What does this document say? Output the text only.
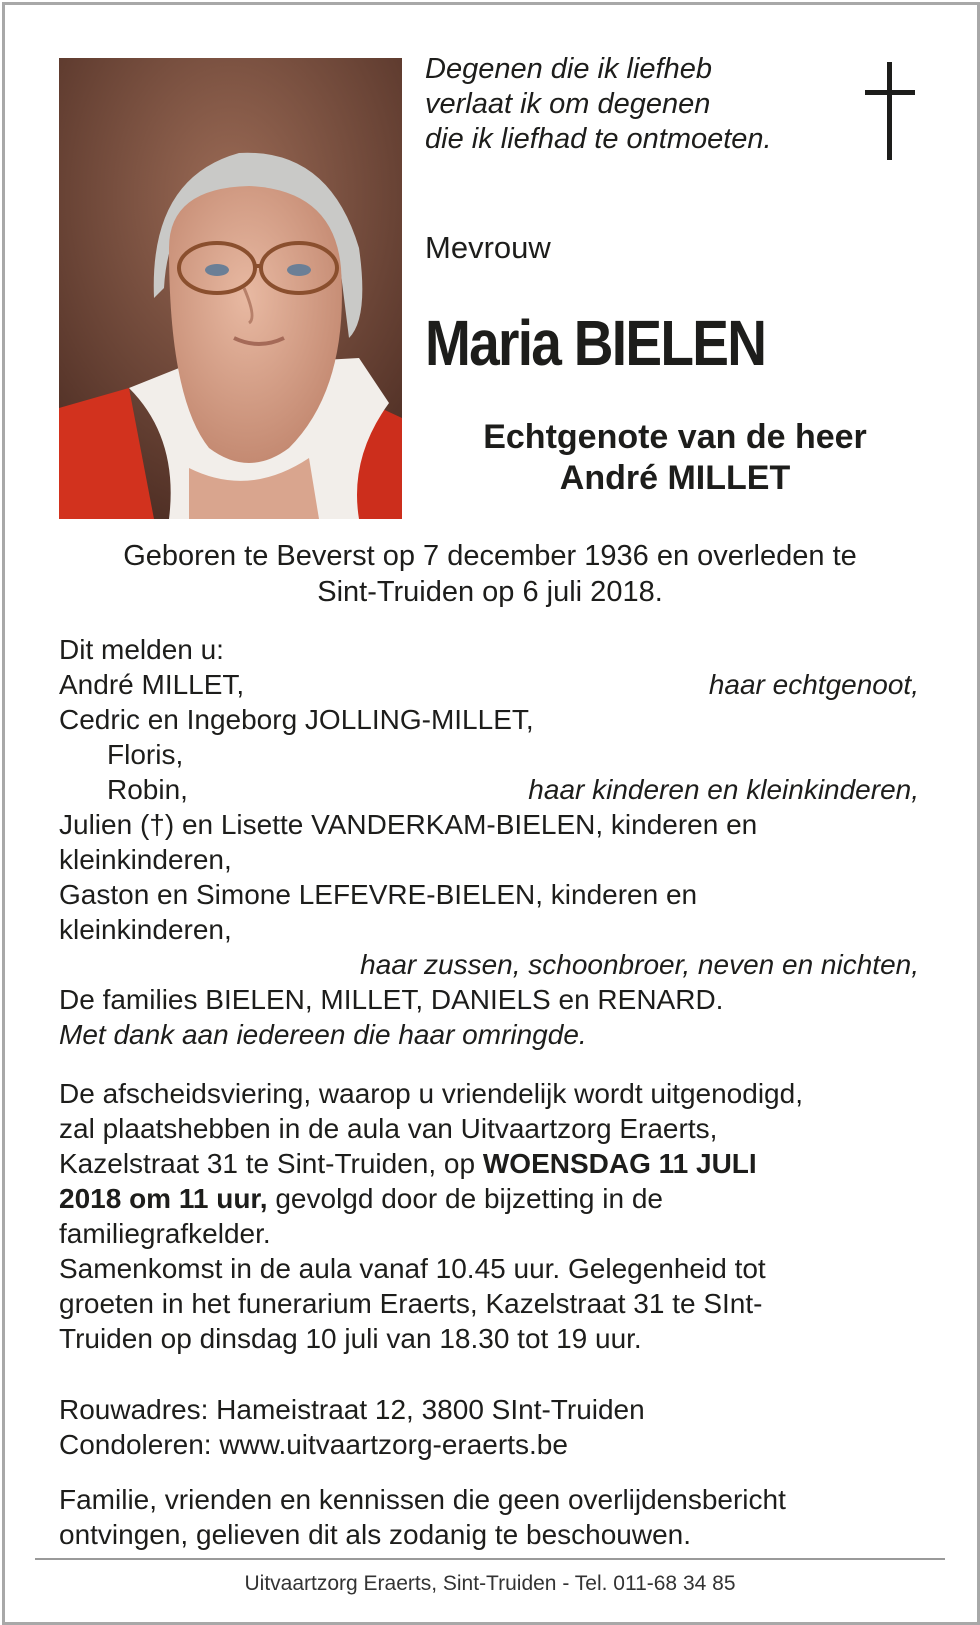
Degenen die ik liefheb
verlaat ik om degenen
die ik liefhad te ontmoeten.
Mevrouw
Maria BIELEN
Echtgenote van de heer
André MILLET
Geboren te Beverst op 7 december 1936 en overleden te
Sint-Truiden op 6 juli 2018.
Dit melden u:
André MILLET,	haar echtgenoot,
Cedric en Ingeborg JOLLING-MILLET,
Floris,
Robin,	haar kinderen en kleinkinderen,
Julien (†) en Lisette VANDERKAM-BIELEN, kinderen en
kleinkinderen,
Gaston en Simone LEFEVRE-BIELEN, kinderen en
kleinkinderen,
haar zussen, schoonbroer, neven en nichten,
De families BIELEN, MILLET, DANIELS en RENARD.
Met dank aan iedereen die haar omringde.
De afscheidsviering, waarop u vriendelijk wordt uitgenodigd,
zal plaatshebben in de aula van Uitvaartzorg Eraerts,
Kazelstraat 31 te Sint-Truiden, op WOENSDAG 11 JULI
2018 om 11 uur, gevolgd door de bijzetting in de
familiegrafkelder.
Samenkomst in de aula vanaf 10.45 uur. Gelegenheid tot
groeten in het funerarium Eraerts, Kazelstraat 31 te SInt-
Truiden op dinsdag 10 juli van 18.30 tot 19 uur.
Rouwadres: Hameistraat 12, 3800 SInt-Truiden
Condoleren: www.uitvaartzorg-eraerts.be
Familie, vrienden en kennissen die geen overlijdensbericht
ontvingen, gelieven dit als zodanig te beschouwen.
Uitvaartzorg Eraerts, Sint-Truiden - Tel. 011-68 34 85
